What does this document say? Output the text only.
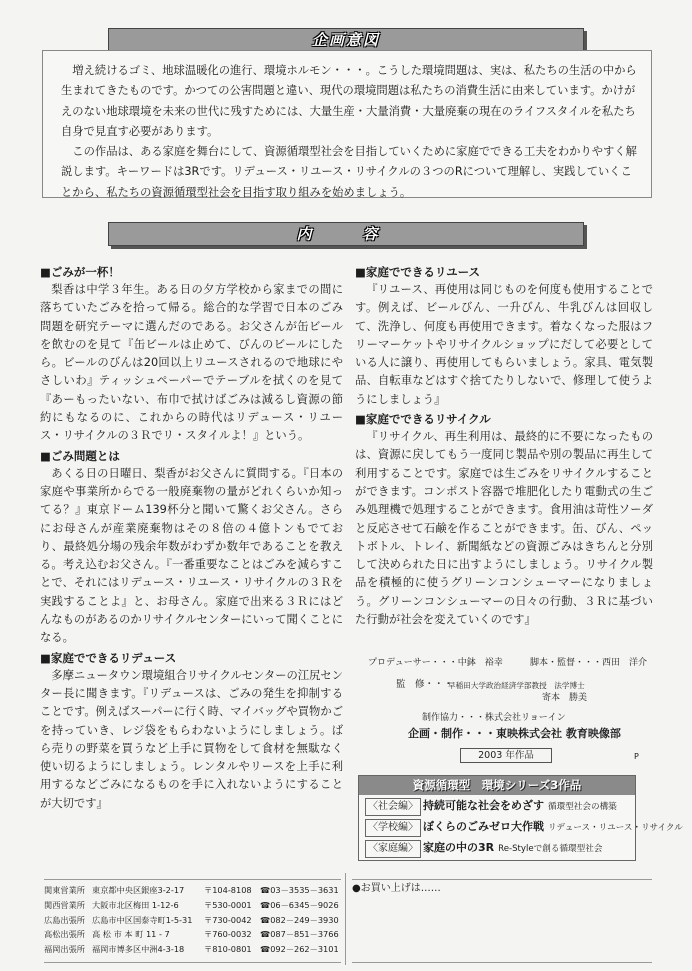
企画意図

増え続けるゴミ、地球温暖化の進行、環境ホルモン・・・。こうした環境問題は、実は、私たちの生活の中から生まれてきたものです。かつての公害問題と違い、現代の環境問題は私たちの消費生活に由来しています。かけがえのない地球環境を未来の世代に残すためには、大量生産・大量消費・大量廃棄の現在のライフスタイルを私たち自身で見直す必要があります。

この作品は、ある家庭を舞台にして、資源循環型社会を目指していくために家庭でできる工夫をわかりやすく解説します。キーワードは3Rです。リデュース・リユース・リサイクルの３つのRについて理解し、実践していくことから、私たちの資源循環型社会を目指す取り組みを始めましょう。

内　容
■ごみが一杯！

梨香は中学３年生。ある日の夕方学校から家までの間に落ちていたごみを拾って帰る。総合的な学習で日本のごみ問題を研究テーマに選んだのである。お父さんが缶ビールを飲むのを見て『缶ビールは止めて、びんのビールにしたら。ビールのびんは20回以上リユースされるので地球にやさしいわ』ティッシュペーパーでテーブルを拭くのを見て『あーもったいない、布巾で拭けばごみは減るし資源の節約にもなるのに、これからの時代はリデュース・リユース・リサイクルの３Ｒでリ・スタイルよ！』という。

■ごみ問題とは

あくる日の日曜日、梨香がお父さんに質問する。『日本の家庭や事業所からでる一般廃棄物の量がどれくらいか知ってる？』東京ドーム139杯分と聞いて驚くお父さん。さらにお母さんが産業廃棄物はその８倍の４億トンもでており、最終処分場の残余年数がわずか数年であることを教える。考え込むお父さん。『一番重要なことはごみを減らすことで、それにはリデュース・リユース・リサイクルの３Ｒを実践することよ』と、お母さん。家庭で出来る３Ｒにはどんなものがあるのかリサイクルセンターにいって聞くことになる。

■家庭でできるリデュース

多摩ニュータウン環境組合リサイクルセンターの江尻センター長に聞きます。『リデュースは、ごみの発生を抑制することです。例えばスーパーに行く時、マイバッグや買物かごを持っていき、レジ袋をもらわないようにしましょう。ばら売りの野菜を買うなど上手に買物をして食材を無駄なく使い切るようにしましょう。レンタルやリースを上手に利用するなどごみになるものを手に入れないようにすることが大切です』

■家庭でできるリユース

『リユース、再使用は同じものを何度も使用することです。例えば、ビールびん、一升びん、牛乳びんは回収して、洗浄し、何度も再使用できます。着なくなった服はフリーマーケットやリサイクルショップにだして必要としている人に譲り、再使用してもらいましょう。家具、電気製品、自転車などはすぐ捨てたりしないで、修理して使うようにしましょう』

■家庭でできるリサイクル

『リサイクル、再生利用は、最終的に不要になったものは、資源に戻してもう一度同じ製品や別の製品に再生して利用することです。家庭では生ごみをリサイクルすることができます。コンポスト容器で堆肥化したり電動式の生ごみ処理機で処理することができます。食用油は苛性ソーダと反応させて石鹸を作ることができます。缶、びん、ペットボトル、トレイ、新聞紙などの資源ごみはきちんと分別して決められた日に出すようにしましょう。リサイクル製品を積極的に使うグリーンコンシューマーになりましょう。グリーンコンシューマーの日々の行動、３Ｒに基づいた行動が社会を変えていくのです』

プロデューサー・・・中鉢　裕幸	脚本・監督・・・西田　洋介
監　修・・・
早稲田大学政治経済学部教授　法学博士
寄本　勝美
制作協力・・・株式会社リョーイン
企画・制作・・・東映株式会社 教育映像部
2003 年作品	P
資源循環型　環境シリーズ3作品
〈社会編〉 持続可能な社会をめざす 循環型社会の構築
〈学校編〉 ぼくらのごみゼロ大作戦 リデュース・リユース・リサイクル
〈家庭編〉 家庭の中の3R Re-Styleで創る循環型社会
関東営業所 東京都中央区銀座3-2-17	〒104-8108	☎03－3535－3631
関西営業所 大阪市北区梅田 1-12-6	〒530-0001	☎06－6345－9026
広島出張所 広島市中区国泰寺町1-5-31	〒730-0042	☎082－249－3930
高松出張所 高 松 市 本 町 11 - 7	〒760-0032	☎087－851－3766
福岡出張所 福岡市博多区中洲4-3-18	〒810-0801	☎092－262－3101
●お買い上げは……
